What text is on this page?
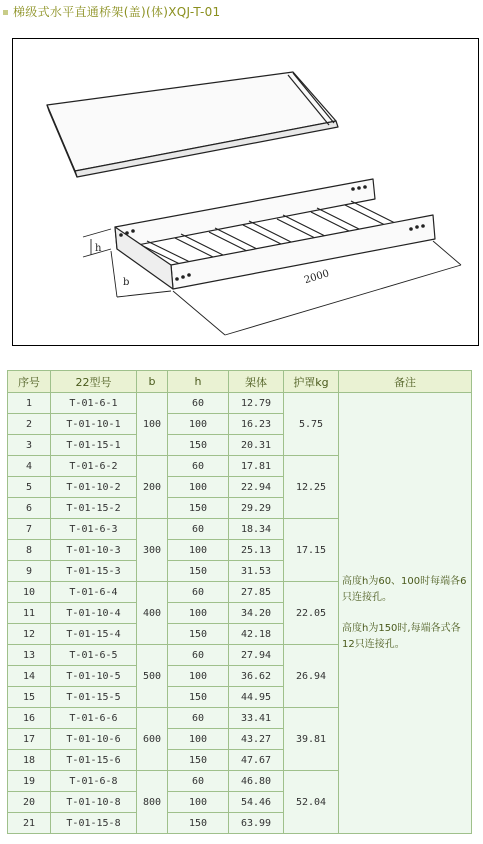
梯级式水平直通桥架(盖)(体)XQJ-T-01
h
b	2000
序号	22型号	b	h	架体	护罩kg	备注
1	T-01-6-1	100	60	12.79	5.75	高度h为60、100时每端各6只连接孔。
高度h为150时,每端各式各12只连接孔。

2	T-01-10-1		100	16.23		
3	T-01-15-1		150	20.31		
4	T-01-6-2	200	60	17.81	12.25	
5	T-01-10-2		100	22.94		
6	T-01-15-2		150	29.29		
7	T-01-6-3	300	60	18.34	17.15	
8	T-01-10-3		100	25.13		
9	T-01-15-3		150	31.53		
10	T-01-6-4	400	60	27.85	22.05	
11	T-01-10-4		100	34.20		
12	T-01-15-4		150	42.18		
13	T-01-6-5	500	60	27.94	26.94	
14	T-01-10-5		100	36.62		
15	T-01-15-5		150	44.95		
16	T-01-6-6	600	60	33.41	39.81	
17	T-01-10-6		100	43.27		
18	T-01-15-6		150	47.67		
19	T-01-6-8	800	60	46.80	52.04	
20	T-01-10-8		100	54.46		
21	T-01-15-8		150	63.99		
